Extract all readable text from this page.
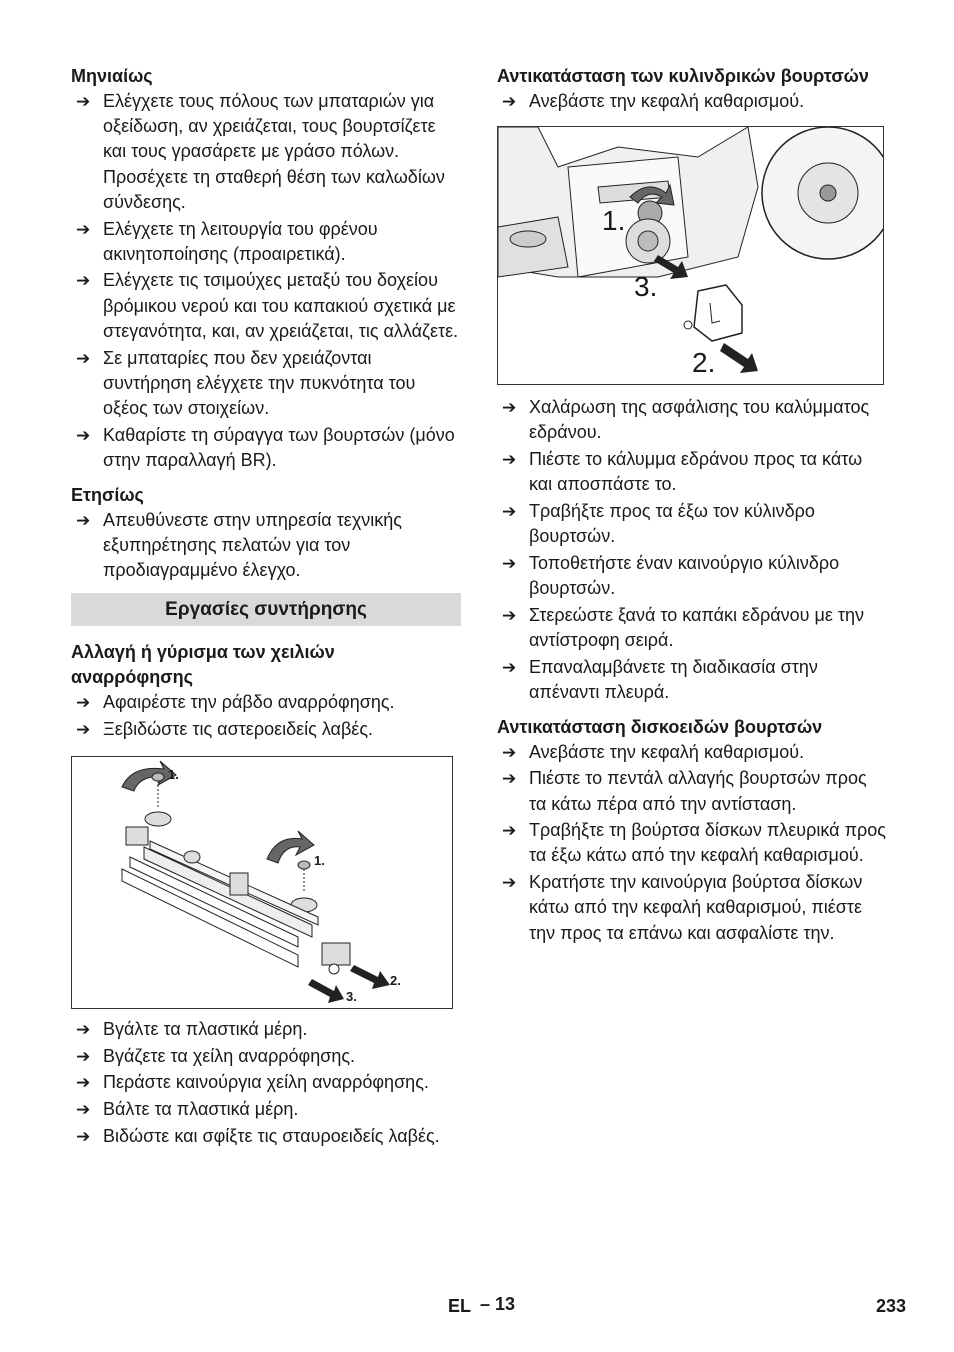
Μηνιαίως

➔ Ελέγχετε τους πόλους των μπαταριών για οξείδωση, αν χρειάζεται, τους βουρτσίζετε και τους γρασάρετε με γράσο πόλων. Προσέχετε τη σταθερή θέση των καλωδίων σύνδεσης.

➔ Ελέγχετε τη λειτουργία του φρένου ακινητοποίησης (προαιρετικά).

➔ Ελέγχετε τις τσιμούχες μεταξύ του δοχείου βρόμικου νερού και του καπακιού σχετικά με στεγανότητα, και, αν χρειάζεται, τις αλλάζετε.

➔ Σε μπαταρίες που δεν χρειάζονται συντήρηση ελέγχετε την πυκνότητα του οξέος των στοιχείων.

➔ Καθαρίστε τη σύραγγα των βουρτσών (μόνο στην παραλλαγή BR).

Ετησίως

➔ Απευθύνεστε στην υπηρεσία τεχνικής εξυπηρέτησης πελατών για τον προδιαγραμμένο έλεγχο.

Εργασίες συντήρησης

Αλλαγή ή γύρισμα των χειλιών αναρρόφησης

➔ Αφαιρέστε την ράβδο αναρρόφησης.

➔ Ξεβιδώστε τις αστεροειδείς λαβές.

1.
1.
2.
3.

➔ Βγάλτε τα πλαστικά μέρη.

➔ Βγάζετε τα χείλη αναρρόφησης.

➔ Περάστε καινούργια χείλη αναρρόφησης.

➔ Βάλτε τα πλαστικά μέρη.

➔ Βιδώστε και σφίξτε τις σταυροειδείς λαβές.

Αντικατάσταση των κυλινδρικών βουρτσών

➔ Ανεβάστε την κεφαλή καθαρισμού.

1.
3.
2.

➔ Χαλάρωση της ασφάλισης του καλύμματος εδράνου.

➔ Πιέστε το κάλυμμα εδράνου προς τα κάτω και αποσπάστε το.

➔ Τραβήξτε προς τα έξω τον κύλινδρο βουρτσών.

➔ Τοποθετήστε έναν καινούργιο κύλινδρο βουρτσών.

➔ Στερεώστε ξανά το καπάκι εδράνου με την αντίστροφη σειρά.

➔ Επαναλαμβάνετε τη διαδικασία στην απέναντι πλευρά.

Αντικατάσταση δισκοειδών βουρτσών

➔ Ανεβάστε την κεφαλή καθαρισμού.

➔ Πιέστε το πεντάλ αλλαγής βουρτσών προς τα κάτω πέρα από την αντίσταση.

➔ Τραβήξτε τη βούρτσα δίσκων πλευρικά προς τα έξω κάτω από την κεφαλή καθαρισμού.

➔ Κρατήστε την καινούργια βούρτσα δίσκων κάτω από την κεφαλή καθαρισμού, πιέστε την προς τα επάνω και ασφαλίστε την.

EL – 13	233
